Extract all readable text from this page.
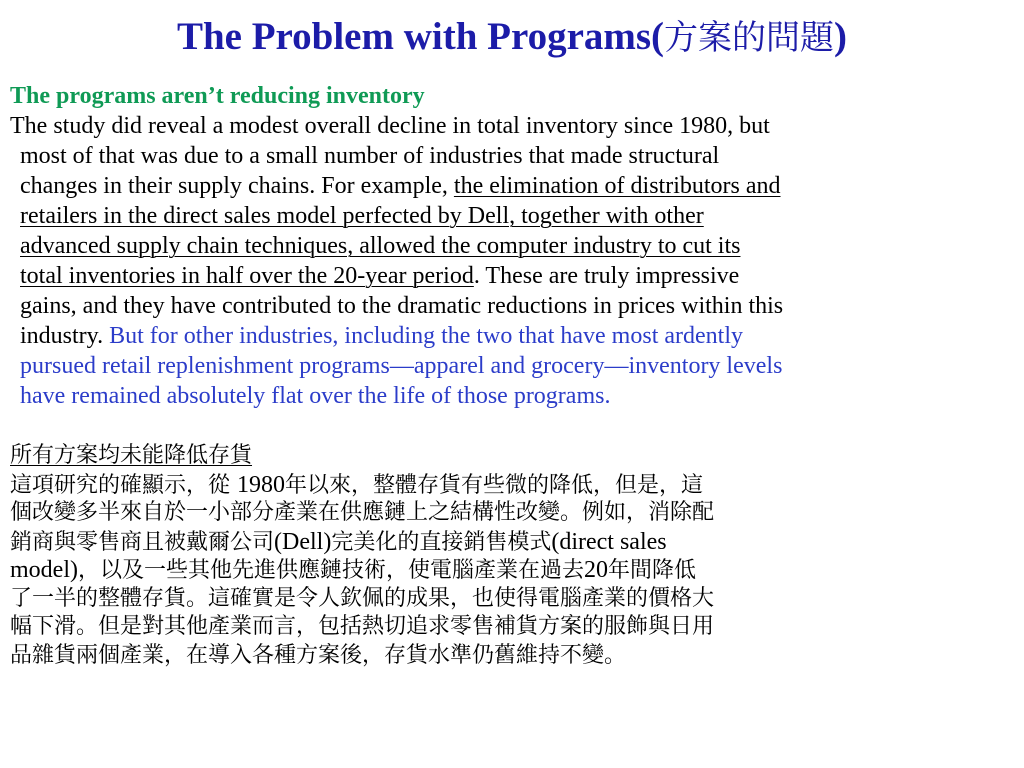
The Problem with Programs(方案的問題)
The programs aren’t reducing inventory
The study did reveal a modest overall decline in total inventory since 1980, but
most of that was due to a small number of industries that made structural
changes in their supply chains. For example, the elimination of distributors and
retailers in the direct sales model perfected by Dell, together with other
advanced supply chain techniques, allowed the computer industry to cut its
total inventories in half over the 20-year period. These are truly impressive
gains, and they have contributed to the dramatic reductions in prices within this
industry. But for other industries, including the two that have most ardently
pursued retail replenishment programs—apparel and grocery—inventory levels
have remained absolutely flat over the life of those programs.
所有方案均未能降低存貨
這項研究的確顯示，從 1980年以來，整體存貨有些微的降低，但是，這
個改變多半來自於一小部分產業在供應鏈上之結構性改變。例如，消除配
銷商與零售商且被戴爾公司(Dell)完美化的直接銷售模式(direct sales
model)，以及一些其他先進供應鏈技術，使電腦產業在過去20年間降低
了一半的整體存貨。這確實是令人欽佩的成果，也使得電腦產業的價格大
幅下滑。但是對其他產業而言，包括熱切追求零售補貨方案的服飾與日用
品雜貨兩個產業，在導入各種方案後，存貨水準仍舊維持不變。
